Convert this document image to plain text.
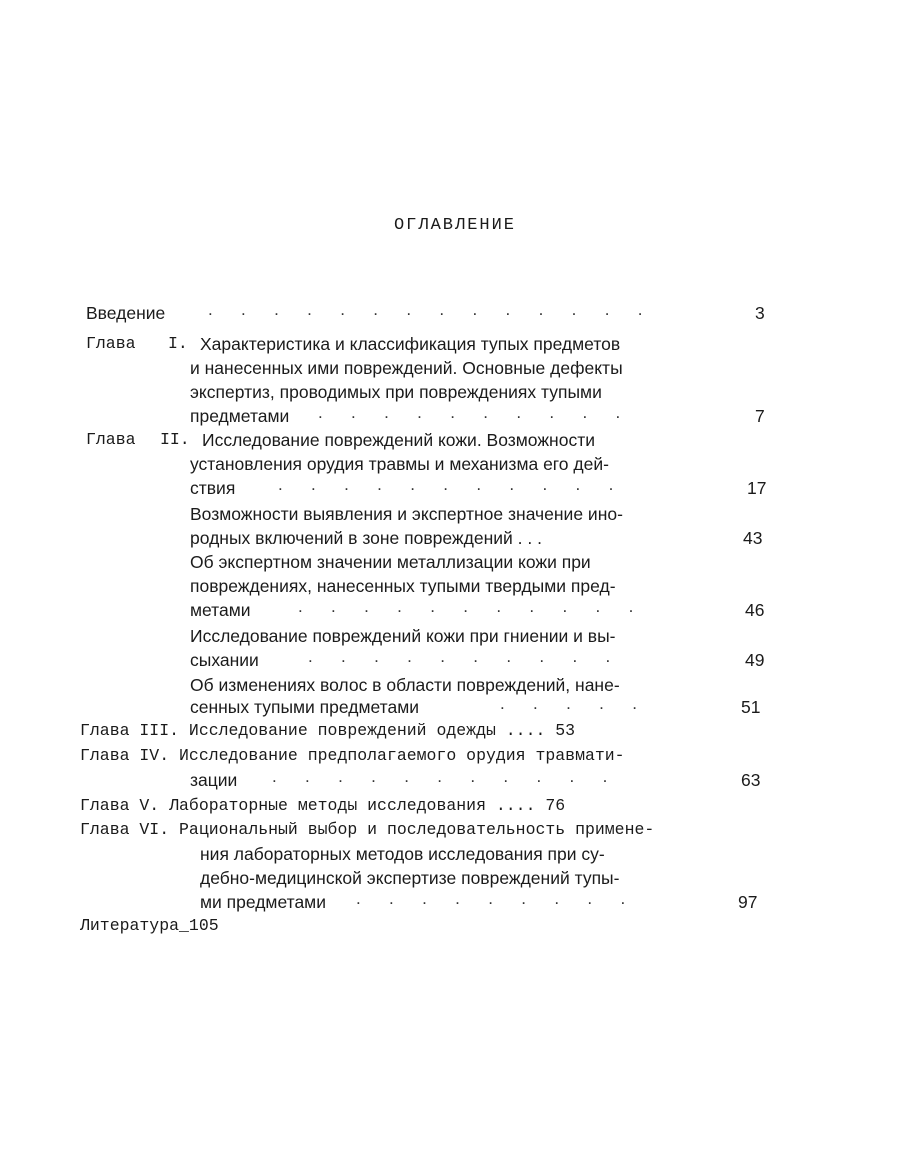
ОГЛАВЛЕНИЕ
Введение	.      .      .      .      .      .      .      .      .      .      .      .      .      .	3
Глава I. Характеристика и классификация тупых предметов
и нанесенных ими повреждений. Основные дефекты
экспертиз, проводимых при повреждениях тупыми
предметами .      .      .      .      .      .      .      .      .      .	7
Глава II. Исследование повреждений кожи. Возможности
установления орудия травмы и механизма его дей-
ствия	.      .      .      .      .      .      .      .      .      .      .	17
Возможности выявления и экспертное значение ино-
родных включений в зоне повреждений . . .	43
Об экспертном значении металлизации кожи при
повреждениях, нанесенных тупыми твердыми пред-
метами	.      .      .      .      .      .      .      .      .      .      .	46
Исследование повреждений кожи при гниении и вы-
сыхании	.      .      .      .      .      .      .      .      .      .	49
Об изменениях волос в области повреждений, нане-
сенных тупыми предметами	.      .      .      .      .	51
Глава III. Исследование повреждений одежды .... 53
Глава IV. Исследование предполагаемого орудия травмати-
зации .      .      .      .      .      .      .      .      .      .      .	63
Глава V. Лабораторные методы исследования .... 76
Глава VI. Рациональный выбор и последовательность примене-
ния лабораторных методов исследования при су-
дебно-медицинской экспертизе повреждений тупы-
ми предметами .      .      .      .      .      .      .      .      .	97
Литература_105
